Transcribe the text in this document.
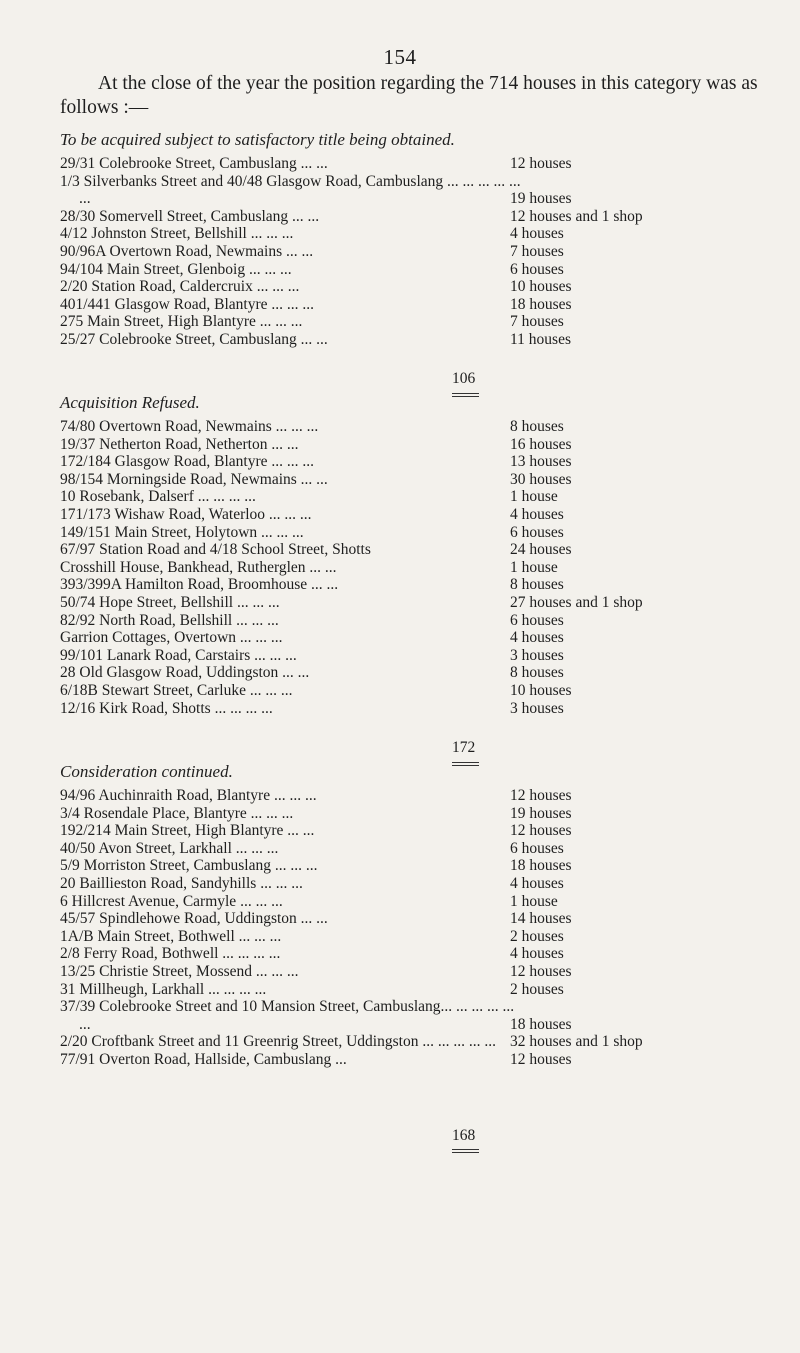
154
At the close of the year the position regarding the 714 houses in this category was as follows :—
To be acquired subject to satisfactory title being obtained.
29/31 Colebrooke Street, Cambuslang ... ...	12 houses
1/3 Silverbanks Street and 40/48 Glasgow Road, Cambuslang ... ... ... ... ... ...	19 houses
28/30 Somervell Street, Cambuslang ... ...	12 houses and 1 shop
4/12 Johnston Street, Bellshill ... ... ...	4 houses
90/96A Overtown Road, Newmains ... ...	7 houses
94/104 Main Street, Glenboig ... ... ...	6 houses
2/20 Station Road, Caldercruix ... ... ...	10 houses
401/441 Glasgow Road, Blantyre ... ... ...	18 houses
275 Main Street, High Blantyre ... ... ...	7 houses
25/27 Colebrooke Street, Cambuslang ... ...	11 houses
106
Acquisition Refused.
74/80 Overtown Road, Newmains ... ... ...	8 houses
19/37 Netherton Road, Netherton ... ...	16 houses
172/184 Glasgow Road, Blantyre ... ... ...	13 houses
98/154 Morningside Road, Newmains ... ...	30 houses
10 Rosebank, Dalserf ... ... ... ...	1 house
171/173 Wishaw Road, Waterloo ... ... ...	4 houses
149/151 Main Street, Holytown ... ... ...	6 houses
67/97 Station Road and 4/18 School Street, Shotts	24 houses
Crosshill House, Bankhead, Rutherglen ... ...	1 house
393/399A Hamilton Road, Broomhouse ... ...	8 houses
50/74 Hope Street, Bellshill ... ... ...	27 houses and 1 shop
82/92 North Road, Bellshill ... ... ...	6 houses
Garrion Cottages, Overtown ... ... ...	4 houses
99/101 Lanark Road, Carstairs ... ... ...	3 houses
28 Old Glasgow Road, Uddingston ... ...	8 houses
6/18B Stewart Street, Carluke ... ... ...	10 houses
12/16 Kirk Road, Shotts ... ... ... ...	3 houses
172
Consideration continued.
94/96 Auchinraith Road, Blantyre ... ... ...	12 houses
3/4 Rosendale Place, Blantyre ... ... ...	19 houses
192/214 Main Street, High Blantyre ... ...	12 houses
40/50 Avon Street, Larkhall ... ... ...	6 houses
5/9 Morriston Street, Cambuslang ... ... ...	18 houses
20 Baillieston Road, Sandyhills ... ... ...	4 houses
6 Hillcrest Avenue, Carmyle ... ... ...	1 house
45/57 Spindlehowe Road, Uddingston ... ...	14 houses
1A/B Main Street, Bothwell ... ... ...	2 houses
2/8 Ferry Road, Bothwell ... ... ... ...	4 houses
13/25 Christie Street, Mossend ... ... ...	12 houses
31 Millheugh, Larkhall ... ... ... ...	2 houses
37/39 Colebrooke Street and 10 Mansion Street, Cambuslang... ... ... ... ... ...	18 houses
2/20 Croftbank Street and 11 Greenrig Street, Uddingston ... ... ... ... ... 32 houses and 1 shop
77/91 Overton Road, Hallside, Cambuslang ...	12 houses
168
